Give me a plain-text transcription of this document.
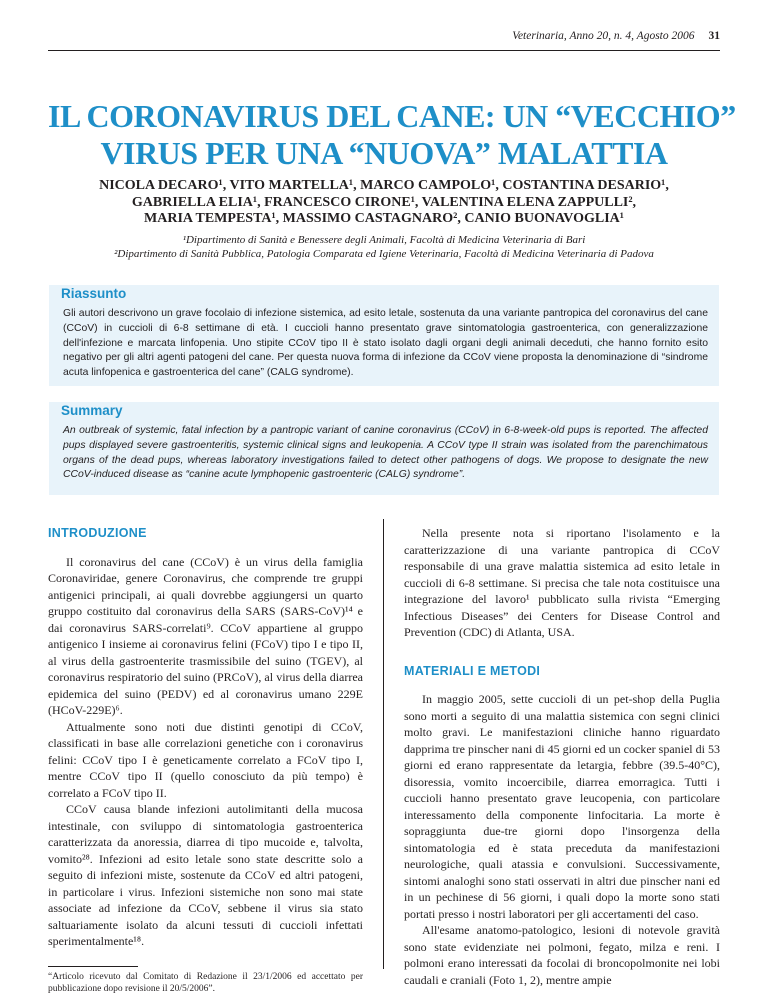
Veterinaria, Anno 20, n. 4, Agosto 2006 31
IL CORONAVIRUS DEL CANE: UN “VECCHIO”
VIRUS PER UNA “NUOVA” MALATTIA
NICOLA DECARO¹, VITO MARTELLA¹, MARCO CAMPOLO¹, COSTANTINA DESARIO¹,
GABRIELLA ELIA¹, FRANCESCO CIRONE¹, VALENTINA ELENA ZAPPULLI²,
MARIA TEMPESTA¹, MASSIMO CASTAGNARO², CANIO BUONAVOGLIA¹
¹Dipartimento di Sanità e Benessere degli Animali, Facoltà di Medicina Veterinaria di Bari
²Dipartimento di Sanità Pubblica, Patologia Comparata ed Igiene Veterinaria, Facoltà di Medicina Veterinaria di Padova
Riassunto
Gli autori descrivono un grave focolaio di infezione sistemica, ad esito letale, sostenuta da una variante pantropica del coronavirus del cane (CCoV) in cuccioli di 6-8 settimane di età. I cuccioli hanno presentato grave sintomatologia gastroenterica, con generalizzazione dell'infezione e marcata linfopenia. Uno stipite CCoV tipo II è stato isolato dagli organi degli animali deceduti, che hanno fornito esito negativo per gli altri agenti patogeni del cane. Per questa nuova forma di infezione da CCoV viene proposta la denominazione di “sindrome acuta linfopenica e gastroenterica del cane” (CALG syndrome).
Summary
An outbreak of systemic, fatal infection by a pantropic variant of canine coronavirus (CCoV) in 6-8-week-old pups is reported. The affected pups displayed severe gastroenteritis, systemic clinical signs and leukopenia. A CCoV type II strain was isolated from the parenchimatous organs of the dead pups, whereas laboratory investigations failed to detect other pathogens of dogs. We propose to designate the new CCoV-induced disease as “canine acute lymphopenic gastroenteric (CALG) syndrome”.
INTRODUZIONE

Il coronavirus del cane (CCoV) è un virus della famiglia Coronaviridae, genere Coronavirus, che comprende tre gruppi antigenici principali, ai quali dovrebbe aggiungersi un quarto gruppo costituito dal coronavirus della SARS (SARS-CoV)¹⁴ e dai coronavirus SARS-correlati⁹. CCoV appartiene al gruppo antigenico I insieme ai coronavirus felini (FCoV) tipo I e tipo II, al virus della gastroenterite trasmissibile del suino (TGEV), al coronavirus respiratorio del suino (PRCoV), al virus della diarrea epidemica del suino (PEDV) ed al coronavirus umano 229E (HCoV-229E)⁶.

Attualmente sono noti due distinti genotipi di CCoV, classificati in base alle correlazioni genetiche con i coronavirus felini: CCoV tipo I è geneticamente correlato a FCoV tipo I, mentre CCoV tipo II (quello conosciuto da più tempo) è correlato a FCoV tipo II.

CCoV causa blande infezioni autolimitanti della mucosa intestinale, con sviluppo di sintomatologia gastroenterica caratterizzata da anoressia, diarrea di tipo mucoide e, talvolta, vomito²⁸. Infezioni ad esito letale sono state descritte solo a seguito di infezioni miste, sostenute da CCoV ed altri patogeni, in particolare i virus. Infezioni sistemiche non sono mai state associate ad infezione da CCoV, sebbene il virus sia stato saltuariamente isolato da alcuni tessuti di cuccioli infettati sperimentalmente¹⁸.

“Articolo ricevuto dal Comitato di Redazione il 23/1/2006 ed accettato per pubblicazione dopo revisione il 20/5/2006”.

Nella presente nota si riportano l'isolamento e la caratterizzazione di una variante pantropica di CCoV responsabile di una grave malattia sistemica ad esito letale in cuccioli di 6-8 settimane. Si precisa che tale nota costituisce una integrazione del lavoro¹ pubblicato sulla rivista “Emerging Infectious Diseases” dei Centers for Disease Control and Prevention (CDC) di Atlanta, USA.

MATERIALI E METODI

In maggio 2005, sette cuccioli di un pet-shop della Puglia sono morti a seguito di una malattia sistemica con segni clinici molto gravi. Le manifestazioni cliniche hanno riguardato dapprima tre pinscher nani di 45 giorni ed un cocker spaniel di 53 giorni ed erano rappresentate da letargia, febbre (39.5-40°C), disoressia, vomito incoercibile, diarrea emorragica. Tutti i cuccioli hanno presentato grave leucopenia, con particolare interessamento della componente linfocitaria. La morte è sopraggiunta due-tre giorni dopo l'insorgenza della sintomatologia ed è stata preceduta da manifestazioni neurologiche, quali atassia e convulsioni. Successivamente, sintomi analoghi sono stati osservati in altri due pinscher nani ed in un pechinese di 56 giorni, i quali dopo la morte sono stati portati presso i nostri laboratori per gli accertamenti del caso.

All'esame anatomo-patologico, lesioni di notevole gravità sono state evidenziate nei polmoni, fegato, milza e reni. I polmoni erano interessati da focolai di broncopolmonite nei lobi caudali e craniali (Foto 1, 2), mentre ampie
